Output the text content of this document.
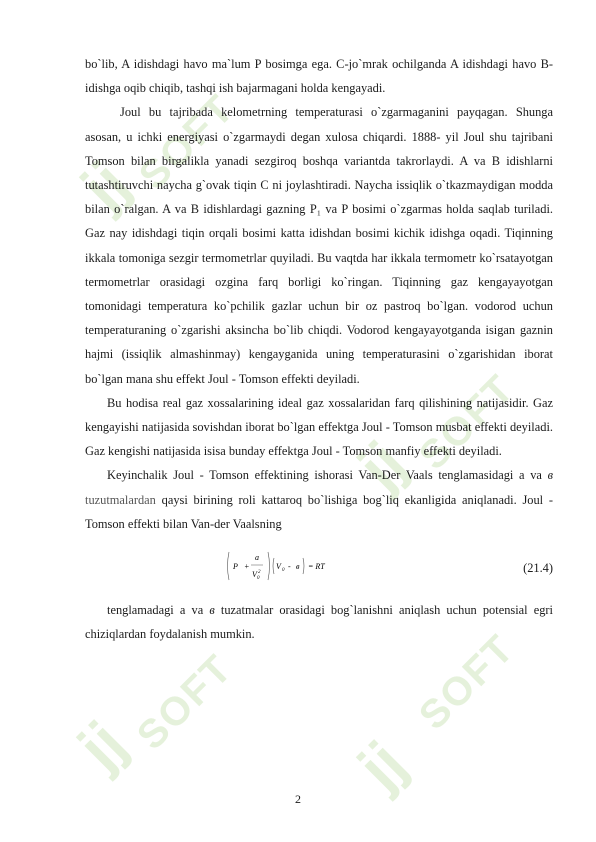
jj
SOFT
jj
SOFT
jj
SOFT
jj
SOFT

bo`lib, A idishdagi havo ma`lum P bosimga ega. C-jo`mrak ochilganda A idishdagi havo B-idishga oqib chiqib, tashqi ish bajarmagani holda kengayadi.

Joul bu tajribada kelometrning temperaturasi o`zgarmaganini payqagan. Shunga asosan, u ichki energiyasi o`zgarmaydi degan xulosa chiqardi. 1888- yil Joul shu tajribani Tomson bilan birgalikla yanadi sezgiroq boshqa variantda takrorlaydi. A va B idishlarni tutashtiruvchi naycha g`ovak tiqin C ni joylashtiradi. Naycha issiqlik o`tkazmaydigan modda bilan o`ralgan. A va B idishlardagi gazning P₁ va P bosimi o`zgarmas holda saqlab turiladi. Gaz nay idishdagi tiqin orqali bosimi katta idishdan bosimi kichik idishga oqadi. Tiqinning ikkala tomoniga sezgir termometrlar quyiladi. Bu vaqtda har ikkala termometr ko`rsatayotgan termometrlar orasidagi ozgina farq borligi ko`ringan. Tiqinning gaz kengayayotgan tomonidagi temperatura ko`pchilik gazlar uchun bir oz pastroq bo`lgan. vodorod uchun temperaturaning o`zgarishi aksincha bo`lib chiqdi. Vodorod kengayayotganda isigan gaznin hajmi (issiqlik almashinmay) kengayganida uning temperaturasini o`zgarishidan iborat bo`lgan mana shu effekt Joul - Tomson effekti deyiladi.

Bu hodisa real gaz xossalarining ideal gaz xossalaridan farq qilishining natijasidir. Gaz kengayishi natijasida sovishdan iborat bo`lgan effektga Joul - Tomson musbat effekti deyiladi. Gaz kengishi natijasida isisa bunday effektga Joul - Tomson manfiy effekti deyiladi.

Keyinchalik Joul - Tomson effektining ishorasi Van-Der Vaals tenglamasidagi a va в tuzutmalardan qaysi birining roli kattaroq bo`lishiga bog`liq ekanligida aniqlanadi. Joul - Tomson effekti bilan Van-der Vaalsning

P +
a
V 0
2
V 0 - в = RT	(21.4)

tenglamadagi a va в tuzatmalar orasidagi bog`lanishni aniqlash uchun potensial egri chiziqlardan foydalanish mumkin.

2
